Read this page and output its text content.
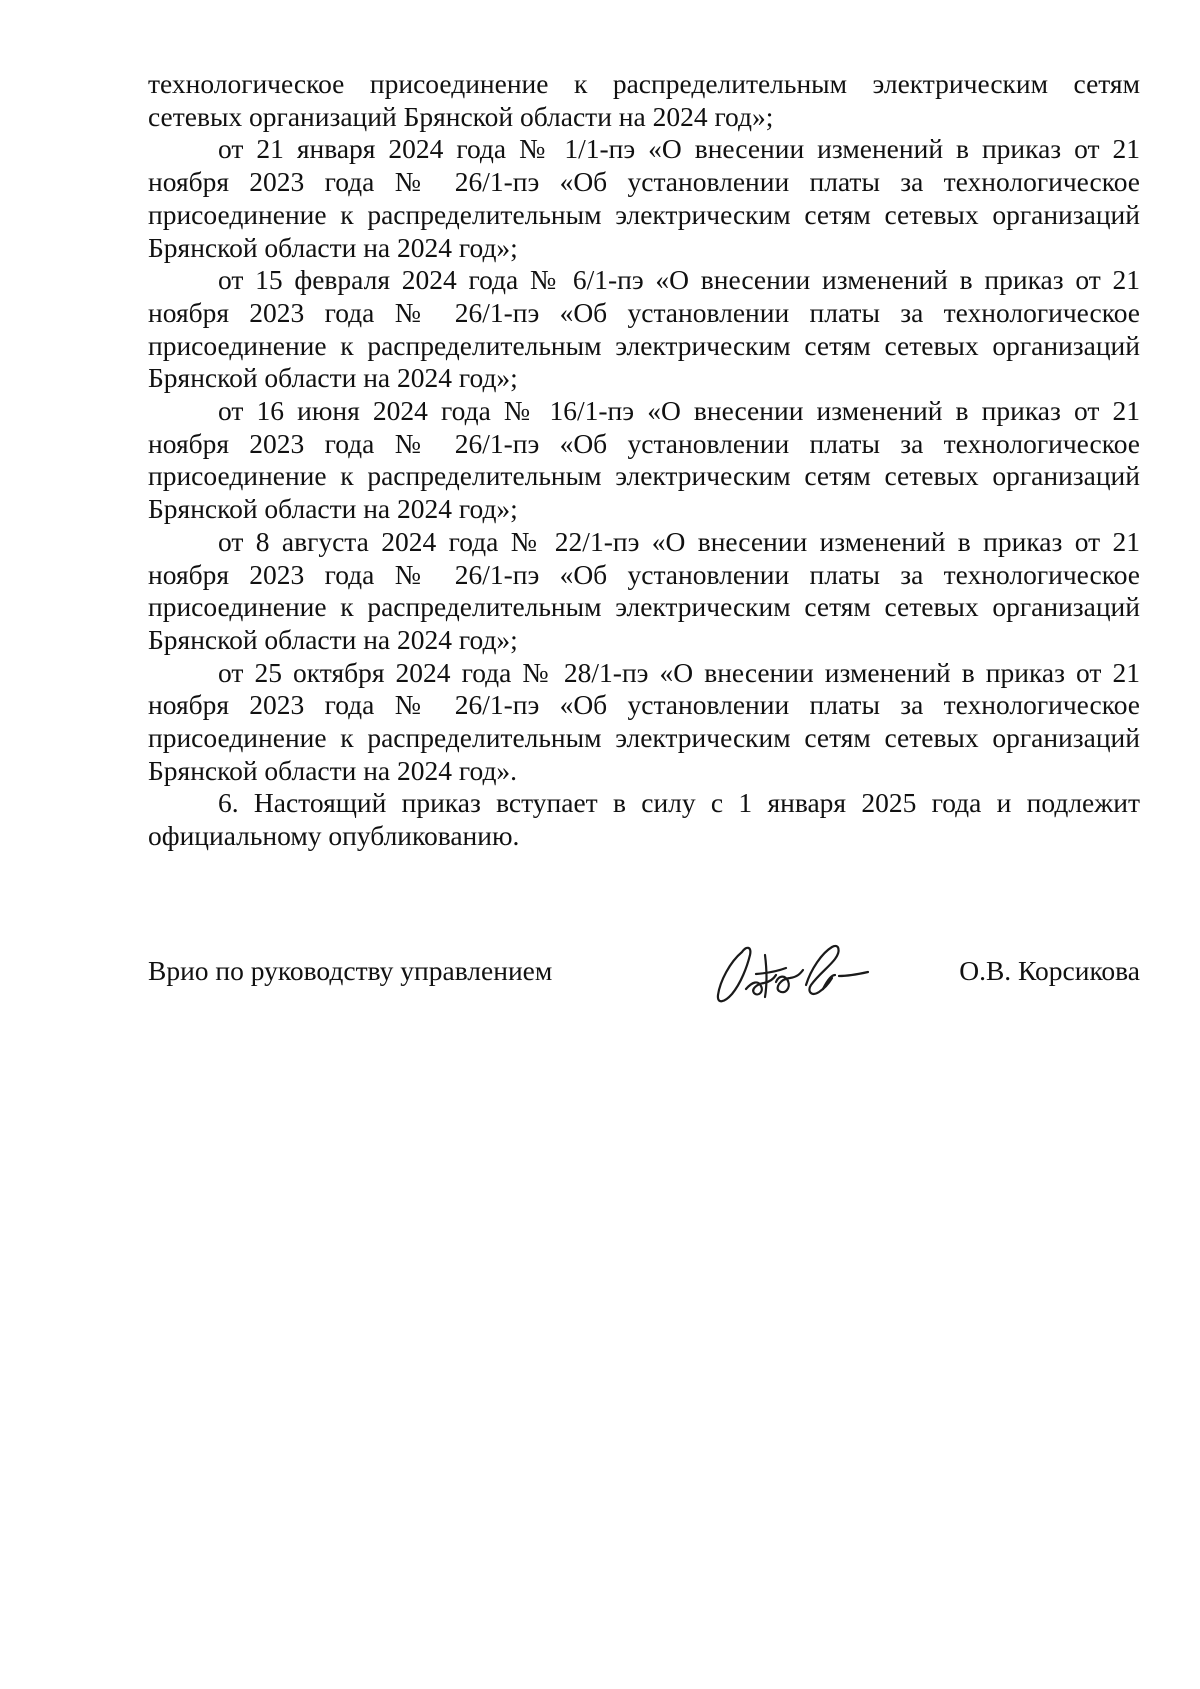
технологическое присоединение к распределительным электрическим сетям сетевых организаций Брянской области на 2024 год»;

от 21 января 2024 года № 1/1-пэ «О внесении изменений в приказ от 21 ноября 2023 года № 26/1-пэ «Об установлении платы за технологическое присоединение к распределительным электрическим сетям сетевых организаций Брянской области на 2024 год»;

от 15 февраля 2024 года № 6/1-пэ «О внесении изменений в приказ от 21 ноября 2023 года № 26/1-пэ «Об установлении платы за технологическое присоединение к распределительным электрическим сетям сетевых организаций Брянской области на 2024 год»;

от 16 июня 2024 года № 16/1-пэ «О внесении изменений в приказ от 21 ноября 2023 года № 26/1-пэ «Об установлении платы за технологическое присоединение к распределительным электрическим сетям сетевых организаций Брянской области на 2024 год»;

от 8 августа 2024 года № 22/1-пэ «О внесении изменений в приказ от 21 ноября 2023 года № 26/1-пэ «Об установлении платы за технологическое присоединение к распределительным электрическим сетям сетевых организаций Брянской области на 2024 год»;

от 25 октября 2024 года № 28/1-пэ «О внесении изменений в приказ от 21 ноября 2023 года № 26/1-пэ «Об установлении платы за технологическое присоединение к распределительным электрическим сетям сетевых организаций Брянской области на 2024 год».

6. Настоящий приказ вступает в силу с 1 января 2025 года и подлежит официальному опубликованию.

Врио по руководству управлением	О.В. Корсикова
